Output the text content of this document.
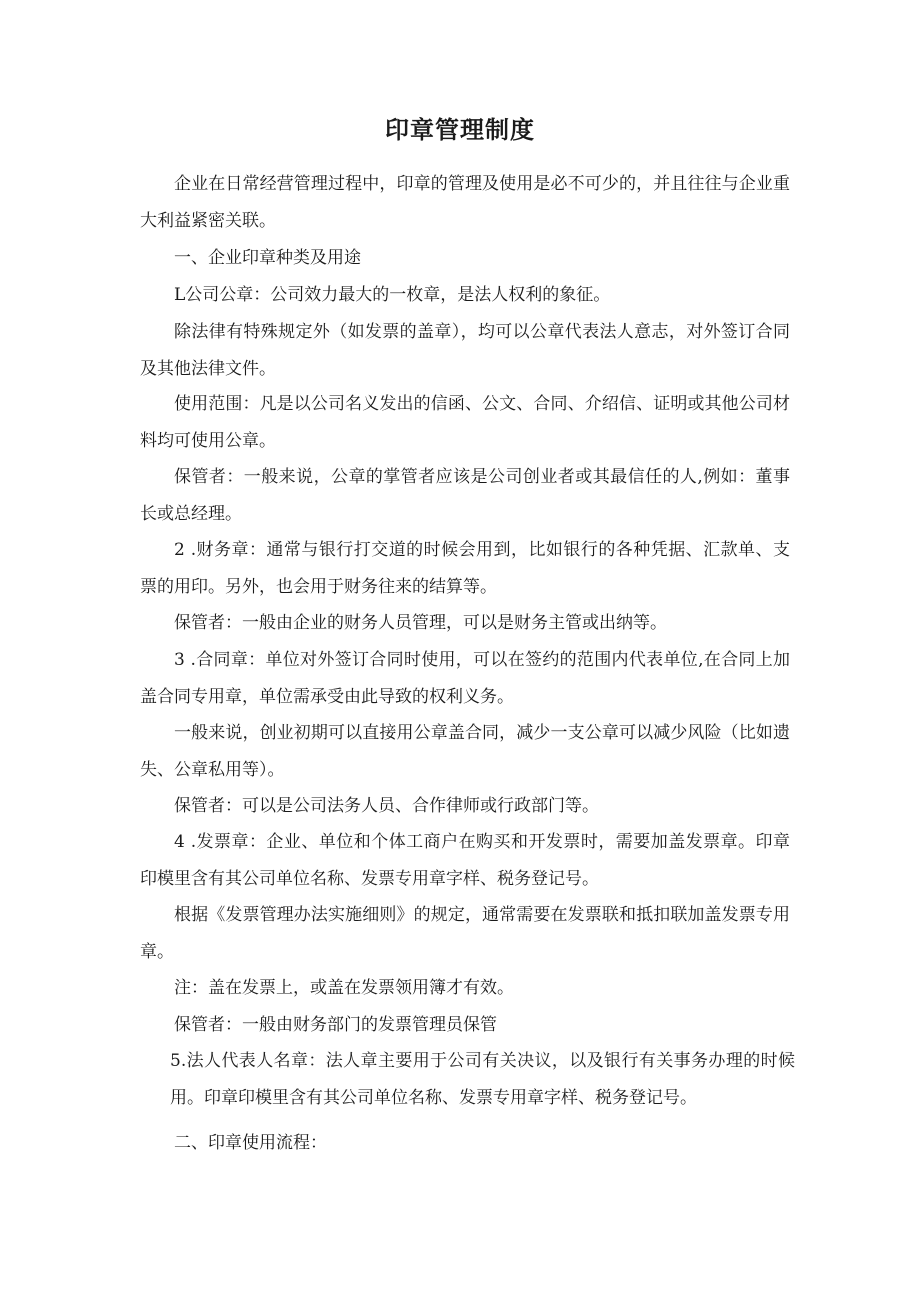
印章管理制度

企业在日常经营管理过程中，印章的管理及使用是必不可少的，并且往往与企业重大利益紧密关联。

一、企业印章种类及用途

L公司公章：公司效力最大的一枚章，是法人权利的象征。

除法律有特殊规定外（如发票的盖章），均可以公章代表法人意志，对外签订合同及其他法律文件。

使用范围：凡是以公司名义发出的信函、公文、合同、介绍信、证明或其他公司材料均可使用公章。

保管者：一般来说，公章的掌管者应该是公司创业者或其最信任的人,例如：董事长或总经理。

2 .财务章：通常与银行打交道的时候会用到，比如银行的各种凭据、汇款单、支票的用印。另外，也会用于财务往来的结算等。

保管者：一般由企业的财务人员管理，可以是财务主管或出纳等。

3 .合同章：单位对外签订合同时使用，可以在签约的范围内代表单位,在合同上加盖合同专用章，单位需承受由此导致的权利义务。

一般来说，创业初期可以直接用公章盖合同，减少一支公章可以减少风险（比如遗失、公章私用等）。

保管者：可以是公司法务人员、合作律师或行政部门等。

4 .发票章：企业、单位和个体工商户在购买和开发票时，需要加盖发票章。印章印模里含有其公司单位名称、发票专用章字样、税务登记号。

根据《发票管理办法实施细则》的规定，通常需要在发票联和抵扣联加盖发票专用章。

注：盖在发票上，或盖在发票领用簿才有效。

保管者：一般由财务部门的发票管理员保管

5.法人代表人名章：法人章主要用于公司有关决议，以及银行有关事务办理的时候用。印章印模里含有其公司单位名称、发票专用章字样、税务登记号。

二、印章使用流程：
